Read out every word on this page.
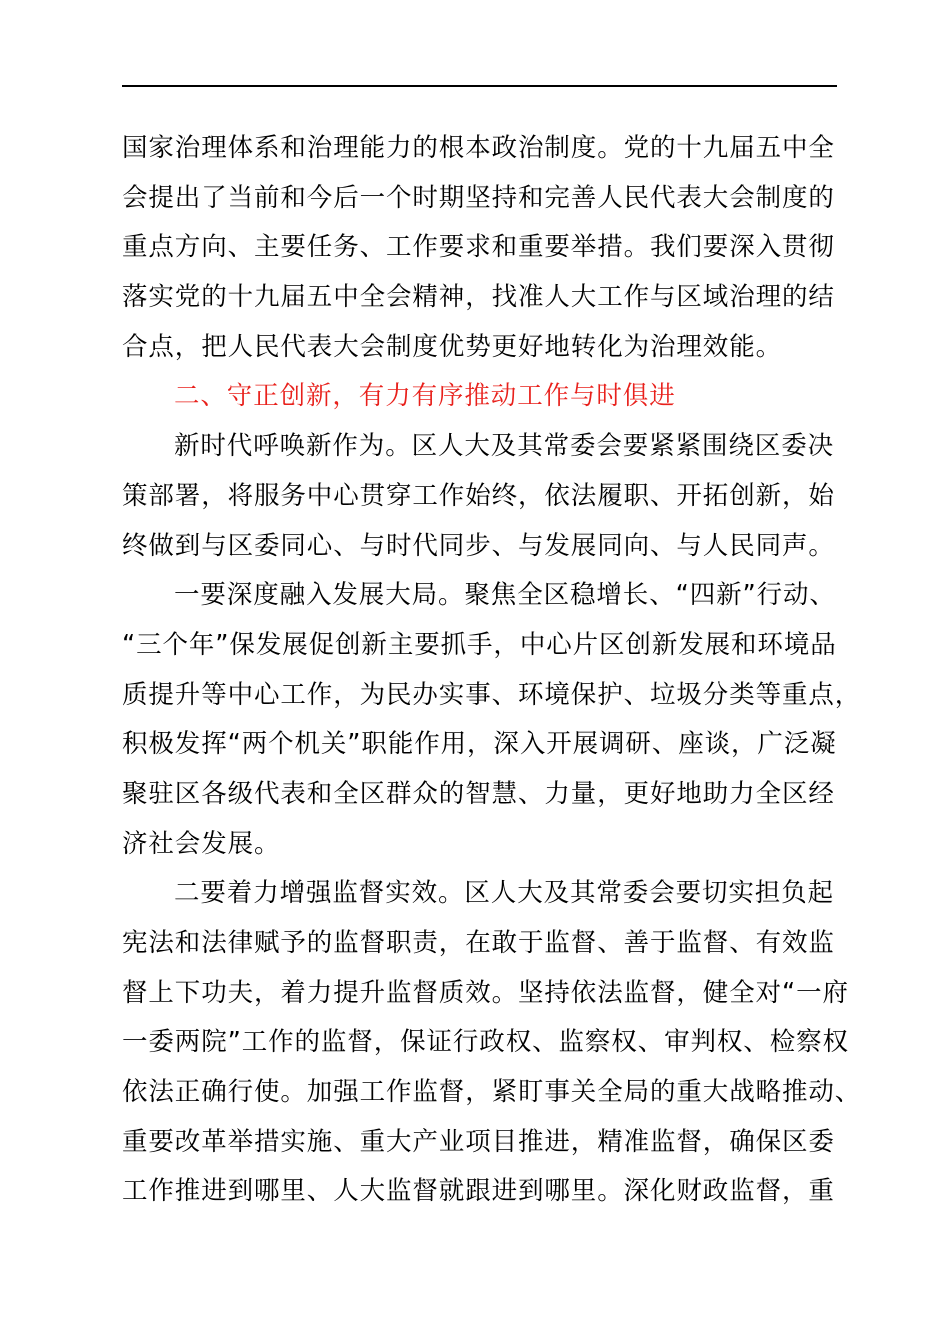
国家治理体系和治理能力的根本政治制度。党的十九届五中全
会提出了当前和今后一个时期坚持和完善人民代表大会制度的
重点方向、主要任务、工作要求和重要举措。我们要深入贯彻
落实党的十九届五中全会精神，找准人大工作与区域治理的结
合点，把人民代表大会制度优势更好地转化为治理效能。
二、守正创新，有力有序推动工作与时俱进
新时代呼唤新作为。区人大及其常委会要紧紧围绕区委决
策部署，将服务中心贯穿工作始终，依法履职、开拓创新，始
终做到与区委同心、与时代同步、与发展同向、与人民同声。
一要深度融入发展大局。聚焦全区稳增长、“四新”行动、
“三个年”保发展促创新主要抓手，中心片区创新发展和环境品
质提升等中心工作，为民办实事、环境保护、垃圾分类等重点，
积极发挥“两个机关”职能作用，深入开展调研、座谈，广泛凝
聚驻区各级代表和全区群众的智慧、力量，更好地助力全区经
济社会发展。
二要着力增强监督实效。区人大及其常委会要切实担负起
宪法和法律赋予的监督职责，在敢于监督、善于监督、有效监
督上下功夫，着力提升监督质效。坚持依法监督，健全对“一府
一委两院”工作的监督，保证行政权、监察权、审判权、检察权
依法正确行使。加强工作监督，紧盯事关全局的重大战略推动、
重要改革举措实施、重大产业项目推进，精准监督，确保区委
工作推进到哪里、人大监督就跟进到哪里。深化财政监督，重
